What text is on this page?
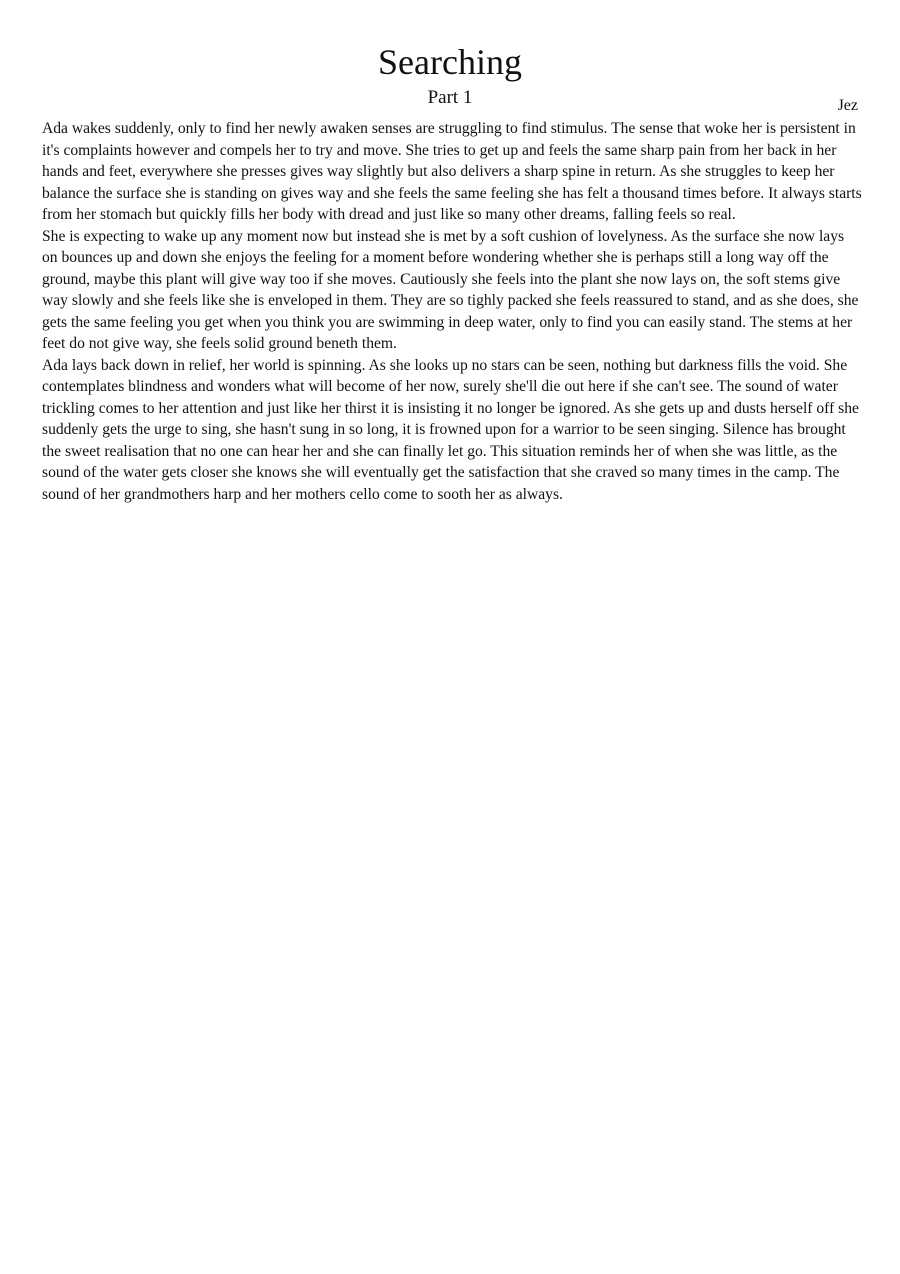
Searching
Part 1	Jez

Ada wakes suddenly, only to find her newly awaken senses are struggling to find stimulus. The sense that woke her is persistent in it's complaints however and compels her to try and move. She tries to get up and feels the same sharp pain from her back in her hands and feet, everywhere she presses gives way slightly but also delivers a sharp spine in return. As she struggles to keep her balance the surface she is standing on gives way and she feels the same feeling she has felt a thousand times before. It always starts from her stomach but quickly fills her body with dread and just like so many other dreams, falling feels so real.

She is expecting to wake up any moment now but instead she is met by a soft cushion of lovelyness. As the surface she now lays on bounces up and down she enjoys the feeling for a moment before wondering whether she is perhaps still a long way off the ground, maybe this plant will give way too if she moves. Cautiously she feels into the plant she now lays on, the soft stems give way slowly and she feels like she is enveloped in them. They are so tighly packed she feels reassured to stand, and as she does, she gets the same feeling you get when you think you are swimming in deep water, only to find you can easily stand. The stems at her feet do not give way, she feels solid ground beneth them.

Ada lays back down in relief, her world is spinning. As she looks up no stars can be seen, nothing but darkness fills the void. She contemplates blindness and wonders what will become of her now, surely she'll die out here if she can't see. The sound of water trickling comes to her attention and just like her thirst it is insisting it no longer be ignored. As she gets up and dusts herself off she suddenly gets the urge to sing, she hasn't sung in so long, it is frowned upon for a warrior to be seen singing. Silence has brought the sweet realisation that no one can hear her and she can finally let go. This situation reminds her of when she was little, as the sound of the water gets closer she knows she will eventually get the satisfaction that she craved so many times in the camp. The sound of her grandmothers harp and her mothers cello come to sooth her as always.
